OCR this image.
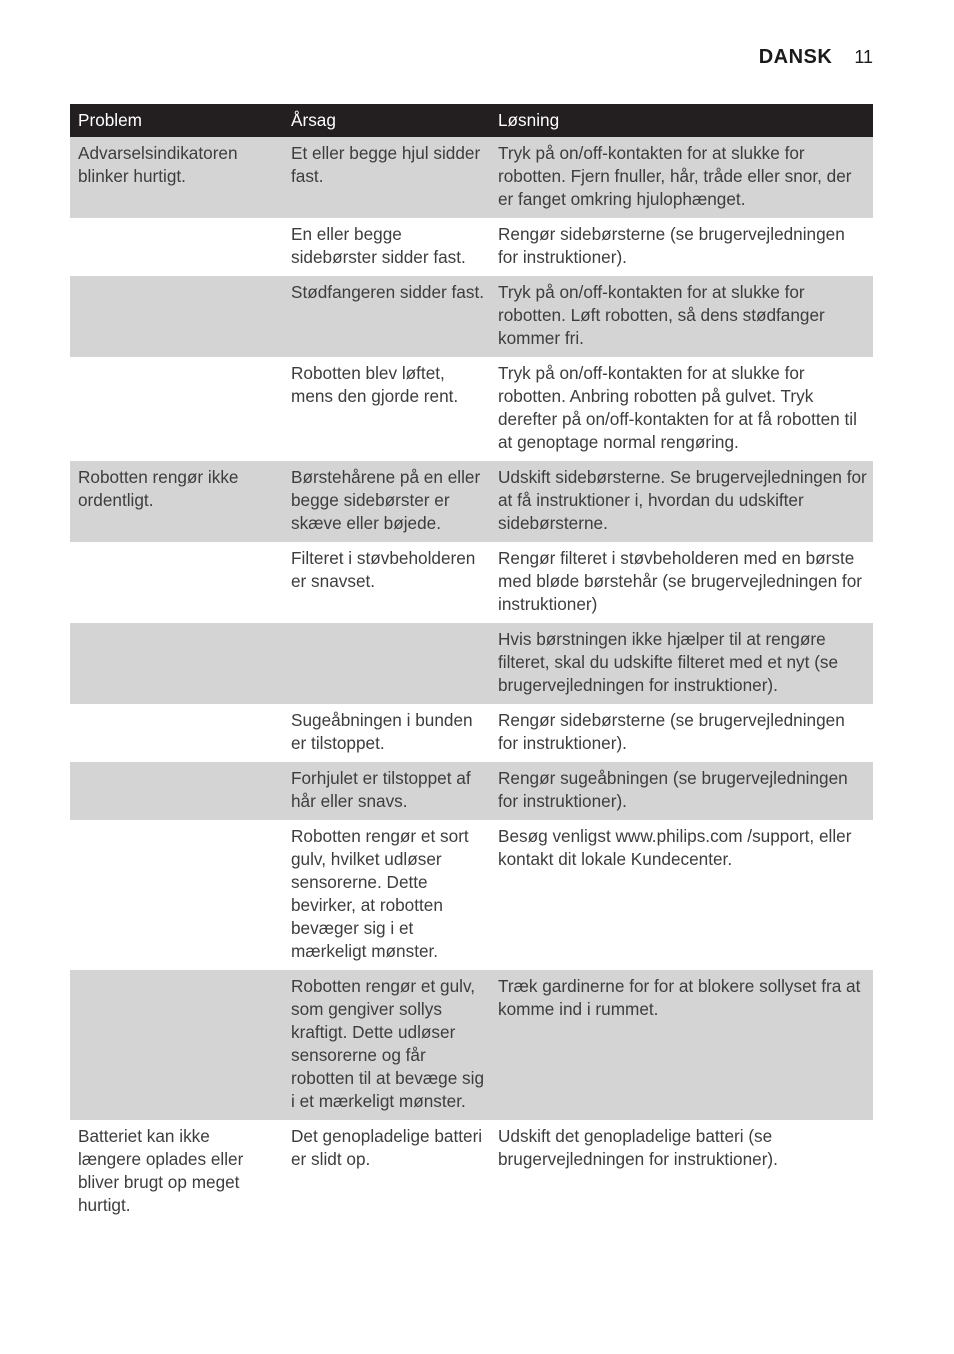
DANSK 11
Problem	Årsag	Løsning
Advarselsindikatoren blinker hurtigt.	Et eller begge hjul sidder fast.	Tryk på on/off-kontakten for at slukke for robotten. Fjern fnuller, hår, tråde eller snor, der er fanget omkring hjulophænget.
	En eller begge sidebørster sidder fast.	Rengør sidebørsterne (se brugervejledningen for instruktioner).
	Stødfangeren sidder fast.	Tryk på on/off-kontakten for at slukke for robotten. Løft robotten, så dens stødfanger kommer fri.
	Robotten blev løftet, mens den gjorde rent.	Tryk på on/off-kontakten for at slukke for robotten. Anbring robotten på gulvet. Tryk derefter på on/off-kontakten for at få robotten til at genoptage normal rengøring.
Robotten rengør ikke ordentligt.	Børstehårene på en eller begge sidebørster er skæve eller bøjede.	Udskift sidebørsterne. Se brugervejledningen for at få instruktioner i, hvordan du udskifter sidebørsterne.
	Filteret i støvbeholderen er snavset.	Rengør filteret i støvbeholderen med en børste med bløde børstehår (se brugervejledningen for instruktioner)
		Hvis børstningen ikke hjælper til at rengøre filteret, skal du udskifte filteret med et nyt (se brugervejledningen for instruktioner).
	Sugeåbningen i bunden er tilstoppet.	Rengør sidebørsterne (se brugervejledningen for instruktioner).
	Forhjulet er tilstoppet af hår eller snavs.	Rengør sugeåbningen (se brugervejledningen for instruktioner).
	Robotten rengør et sort gulv, hvilket udløser sensorerne. Dette bevirker, at robotten bevæger sig i et mærkeligt mønster.	Besøg venligst www.philips.com /support, eller kontakt dit lokale Kundecenter.
	Robotten rengør et gulv, som gengiver sollys kraftigt. Dette udløser sensorerne og får robotten til at bevæge sig i et mærkeligt mønster.	Træk gardinerne for for at blokere sollyset fra at komme ind i rummet.
Batteriet kan ikke længere oplades eller bliver brugt op meget hurtigt.	Det genopladelige batteri er slidt op.	Udskift det genopladelige batteri (se brugervejledningen for instruktioner).
